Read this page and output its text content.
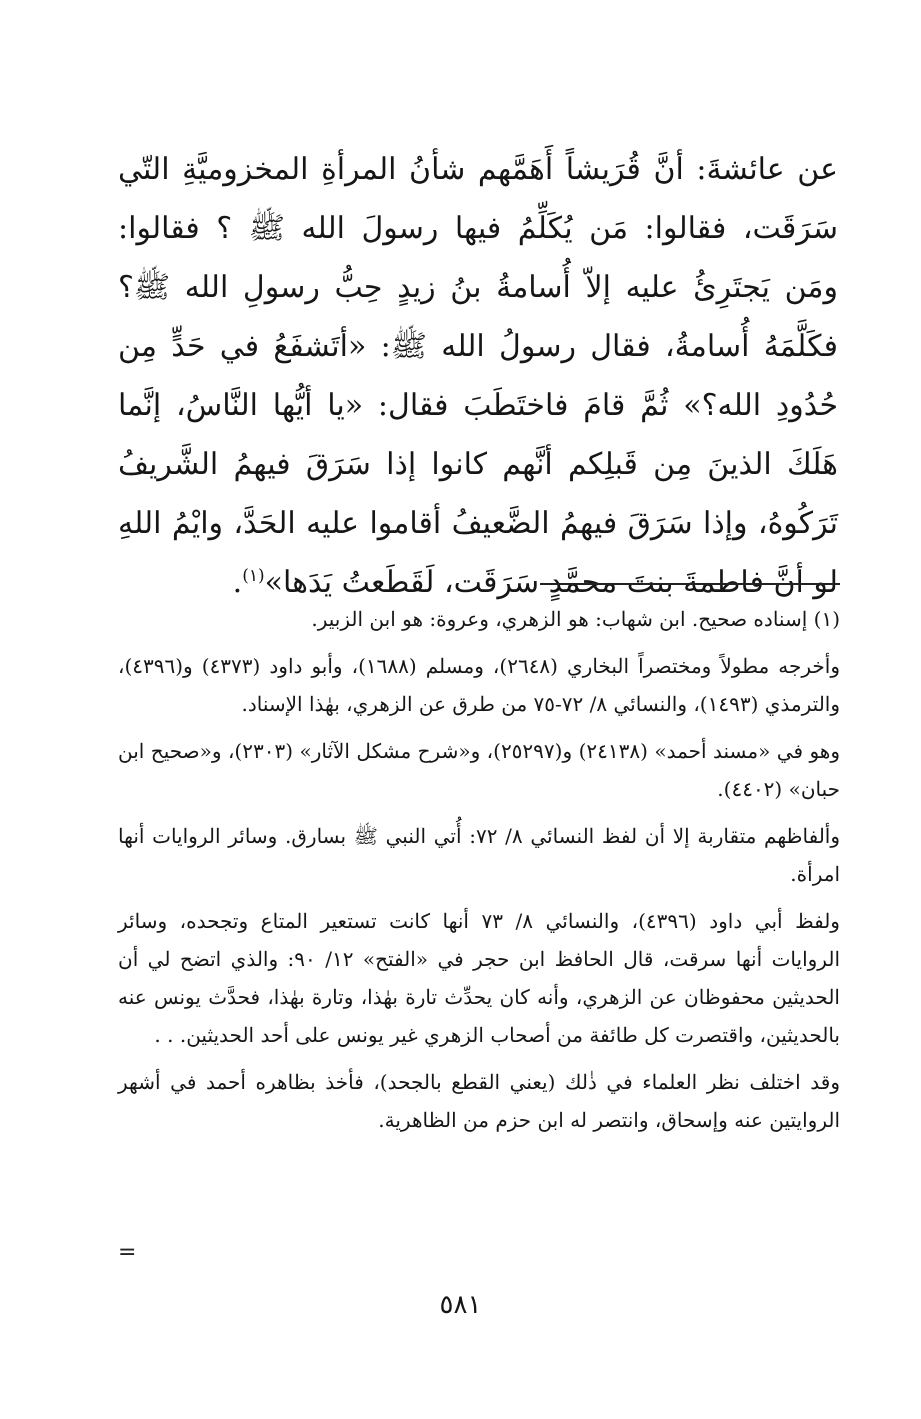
عن عائشةَ: أنَّ قُرَيشاً أَهَمَّهم شأنُ المرأةِ المخزوميَّةِ التّي سَرَقَت، فقالوا: مَن يُكَلِّمُ فيها رسولَ الله ﷺ ؟ فقالوا: ومَن يَجتَرِئُ عليه إلاّ أُسامةُ بنُ زيدٍ حِبُّ رسولِ الله ﷺ؟ فكَلَّمَهُ أُسامةُ، فقال رسولُ الله ﷺ: «أتَشفَعُ في حَدٍّ مِن حُدُودِ الله؟» ثُمَّ قامَ فاختَطَبَ فقال: «يا أيُّها النَّاسُ، إنَّما هَلَكَ الذينَ مِن قَبلِكم أنَّهم كانوا إذا سَرَقَ فيهمُ الشَّريفُ تَرَكُوهُ، وإذا سَرَقَ فيهمُ الضَّعيفُ أقاموا عليه الحَدَّ، وايْمُ اللهِ لو أنَّ فاطمةَ بنتَ محمَّدٍ سَرَقَت، لَقَطَعتُ يَدَها»$^{(١)}$.

(١) إسناده صحيح. ابن شهاب: هو الزهري، وعروة: هو ابن الزبير.

وأخرجه مطولاً ومختصراً البخاري (٢٦٤٨)، ومسلم (١٦٨٨)، وأبو داود (٤٣٧٣) و(٤٣٩٦)، والترمذي (١٤٩٣)، والنسائي ٨/ ٧٢-٧٥ من طرق عن الزهري، بهٰذا الإسناد.

وهو في «مسند أحمد» (٢٤١٣٨) و(٢٥٢٩٧)، و«شرح مشكل الآثار» (٢٣٠٣)، و«صحيح ابن حبان» (٤٤٠٢).

وألفاظهم متقاربة إلا أن لفظ النسائي ٨/ ٧٢: أُتي النبي ﷺ بسارق. وسائر الروايات أنها امرأة.

ولفظ أبي داود (٤٣٩٦)، والنسائي ٨/ ٧٣ أنها كانت تستعير المتاع وتجحده، وسائر الروايات أنها سرقت، قال الحافظ ابن حجر في «الفتح» ١٢/ ٩٠: والذي اتضح لي أن الحديثين محفوظان عن الزهري، وأنه كان يحدِّث تارة بهٰذا، وتارة بهٰذا، فحدَّث يونس عنه بالحديثين، واقتصرت كل طائفة من أصحاب الزهري غير يونس على أحد الحديثين. . .

وقد اختلف نظر العلماء في ذٰلك (يعني القطع بالجحد)، فأخذ بظاهره أحمد في أشهر الروايتين عنه وإسحاق، وانتصر له ابن حزم من الظاهرية.

=
٥٨١
